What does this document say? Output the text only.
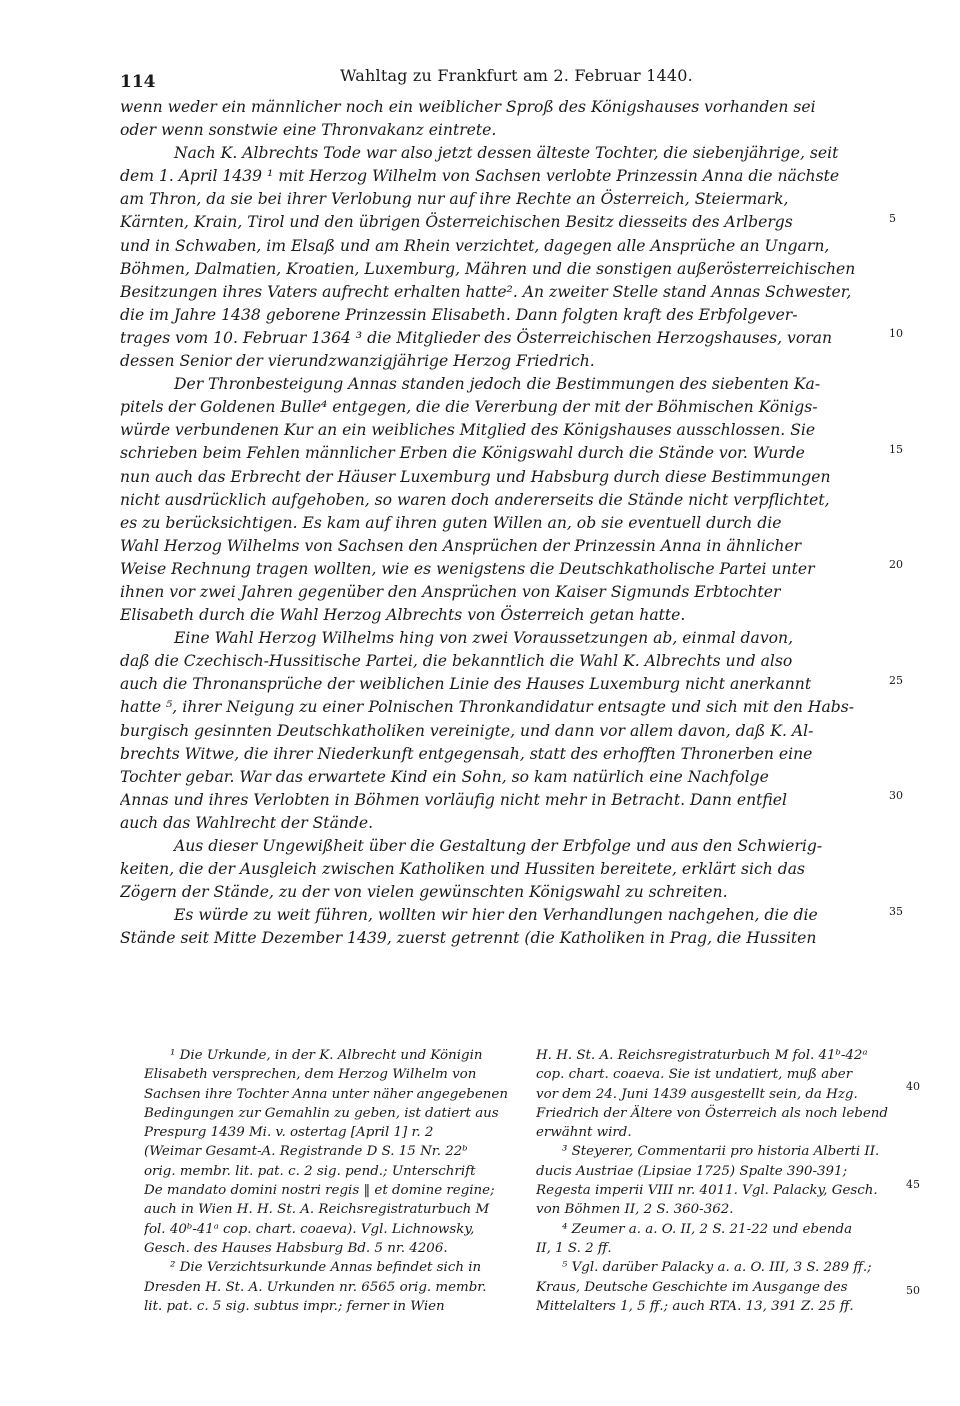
114	Wahltag zu Frankfurt am 2. Februar 1440.
wenn weder ein männlicher noch ein weiblicher Sproß des Königshauses vorhanden sei
oder wenn sonstwie eine Thronvakanz eintrete.
Nach K. Albrechts Tode war also jetzt dessen älteste Tochter, die siebenjährige, seit
dem 1. April 1439 ¹ mit Herzog Wilhelm von Sachsen verlobte Prinzessin Anna die nächste
am Thron, da sie bei ihrer Verlobung nur auf ihre Rechte an Österreich, Steiermark,
Kärnten, Krain, Tirol und den übrigen Österreichischen Besitz diesseits des Arlbergs
und in Schwaben, im Elsaß und am Rhein verzichtet, dagegen alle Ansprüche an Ungarn,
Böhmen, Dalmatien, Kroatien, Luxemburg, Mähren und die sonstigen außerösterreichischen
Besitzungen ihres Vaters aufrecht erhalten hatte². An zweiter Stelle stand Annas Schwester,
die im Jahre 1438 geborene Prinzessin Elisabeth. Dann folgten kraft des Erbfolgever-
trages vom 10. Februar 1364 ³ die Mitglieder des Österreichischen Herzogshauses, voran
dessen Senior der vierundzwanzigjährige Herzog Friedrich.
Der Thronbesteigung Annas standen jedoch die Bestimmungen des siebenten Ka-
pitels der Goldenen Bulle⁴ entgegen, die die Vererbung der mit der Böhmischen Königs-
würde verbundenen Kur an ein weibliches Mitglied des Königshauses ausschlossen. Sie
schrieben beim Fehlen männlicher Erben die Königswahl durch die Stände vor. Wurde
nun auch das Erbrecht der Häuser Luxemburg und Habsburg durch diese Bestimmungen
nicht ausdrücklich aufgehoben, so waren doch andererseits die Stände nicht verpflichtet,
es zu berücksichtigen. Es kam auf ihren guten Willen an, ob sie eventuell durch die
Wahl Herzog Wilhelms von Sachsen den Ansprüchen der Prinzessin Anna in ähnlicher
Weise Rechnung tragen wollten, wie es wenigstens die Deutschkatholische Partei unter
ihnen vor zwei Jahren gegenüber den Ansprüchen von Kaiser Sigmunds Erbtochter
Elisabeth durch die Wahl Herzog Albrechts von Österreich getan hatte.
Eine Wahl Herzog Wilhelms hing von zwei Voraussetzungen ab, einmal davon,
daß die Czechisch-Hussitische Partei, die bekanntlich die Wahl K. Albrechts und also
auch die Thronansprüche der weiblichen Linie des Hauses Luxemburg nicht anerkannt
hatte ⁵, ihrer Neigung zu einer Polnischen Thronkandidatur entsagte und sich mit den Habs-
burgisch gesinnten Deutschkatholiken vereinigte, und dann vor allem davon, daß K. Al-
brechts Witwe, die ihrer Niederkunft entgegensah, statt des erhofften Thronerben eine
Tochter gebar. War das erwartete Kind ein Sohn, so kam natürlich eine Nachfolge
Annas und ihres Verlobten in Böhmen vorläufig nicht mehr in Betracht. Dann entfiel
auch das Wahlrecht der Stände.
Aus dieser Ungewißheit über die Gestaltung der Erbfolge und aus den Schwierig-
keiten, die der Ausgleich zwischen Katholiken und Hussiten bereitete, erklärt sich das
Zögern der Stände, zu der von vielen gewünschten Königswahl zu schreiten.
Es würde zu weit führen, wollten wir hier den Verhandlungen nachgehen, die die
Stände seit Mitte Dezember 1439, zuerst getrennt (die Katholiken in Prag, die Hussiten
5
10
15
20
25
30
35
¹ Die Urkunde, in der K. Albrecht und Königin
Elisabeth versprechen, dem Herzog Wilhelm von
Sachsen ihre Tochter Anna unter näher angegebenen
Bedingungen zur Gemahlin zu geben, ist datiert aus
Prespurg 1439 Mi. v. ostertag [April 1] r. 2
(Weimar Gesamt-A. Registrande D S. 15 Nr. 22ᵇ
orig. membr. lit. pat. c. 2 sig. pend.; Unterschrift
De mandato domini nostri regis ‖ et domine regine;
auch in Wien H. H. St. A. Reichsregistraturbuch M
fol. 40ᵇ-41ᵃ cop. chart. coaeva). Vgl. Lichnowsky,
Gesch. des Hauses Habsburg Bd. 5 nr. 4206.
² Die Verzichtsurkunde Annas befindet sich in
Dresden H. St. A. Urkunden nr. 6565 orig. membr.
lit. pat. c. 5 sig. subtus impr.; ferner in Wien
H. H. St. A. Reichsregistraturbuch M fol. 41ᵇ-42ᵃ
cop. chart. coaeva. Sie ist undatiert, muß aber
vor dem 24. Juni 1439 ausgestellt sein, da Hzg.
Friedrich der Ältere von Österreich als noch lebend
erwähnt wird.
³ Steyerer, Commentarii pro historia Alberti II.
ducis Austriae (Lipsiae 1725) Spalte 390-391;
Regesta imperii VIII nr. 4011. Vgl. Palacky, Gesch.
von Böhmen II, 2 S. 360-362.
⁴ Zeumer a. a. O. II, 2 S. 21-22 und ebenda
II, 1 S. 2 ff.
⁵ Vgl. darüber Palacky a. a. O. III, 3 S. 289 ff.;
Kraus, Deutsche Geschichte im Ausgange des
Mittelalters 1, 5 ff.; auch RTA. 13, 391 Z. 25 ff.
40
45
50
